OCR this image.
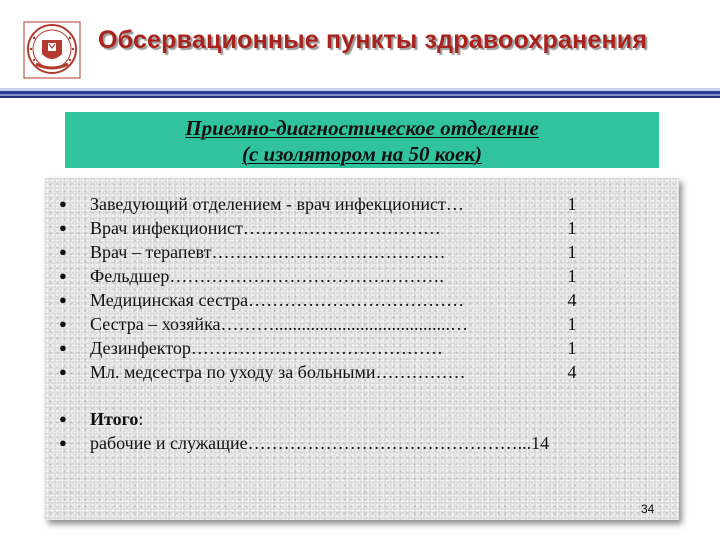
Обсервационные пункты здравоохранения
Приемно-диагностическое отделение
(с изолятором на 50 коек)
● Заведующий отделением - врач инфекционист…	1
● Врач инфекционист……………………………	1
● Врач – терапевт…………………………………	1
● Фельдшер……………………………………….	1
● Медицинская сестра………………………………	4
● Сестра – хозяйка……….......................................…	1
● Дезинфектор……………………………………	1
● Мл. медсестра по уходу за больными……………	4
● Итого:
● рабочие и служащие………………………………………...14
34
